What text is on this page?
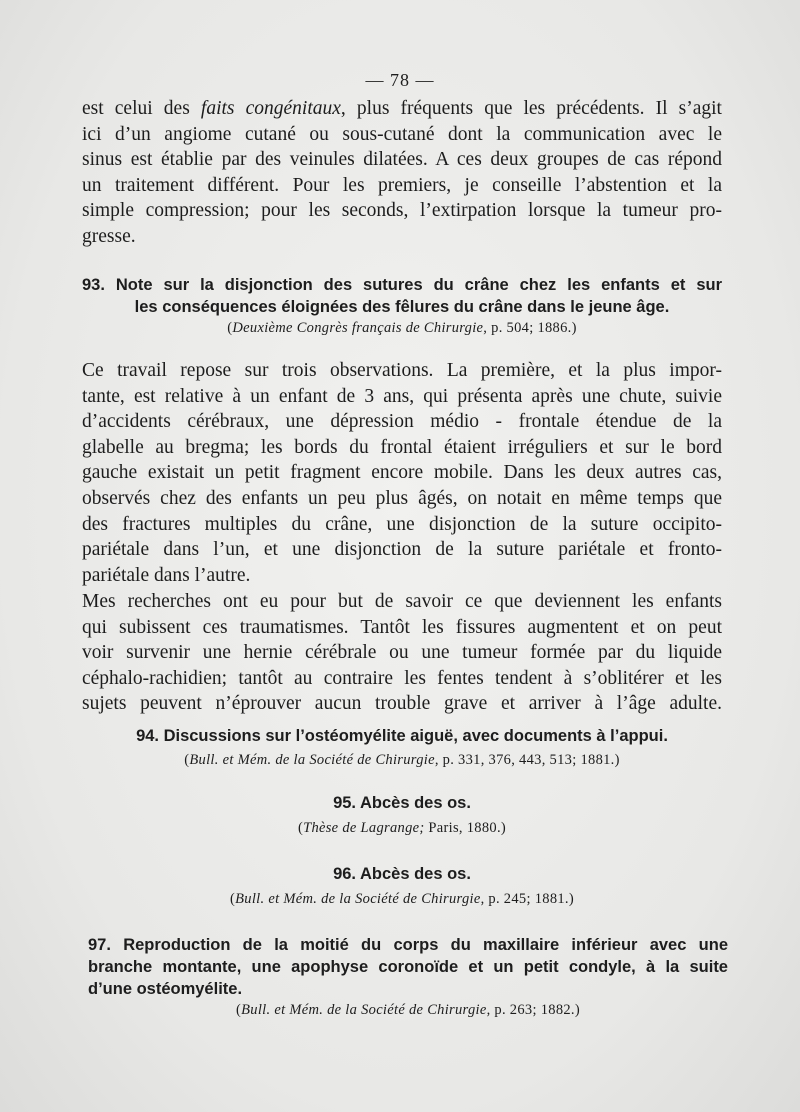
— 78 —
est celui des faits congénitaux, plus fréquents que les précédents. Il s’agit
ici d’un angiome cutané ou sous-cutané dont la communication avec le
sinus est établie par des veinules dilatées. A ces deux groupes de cas répond
un traitement différent. Pour les premiers, je conseille l’abstention et la
simple compression; pour les seconds, l’extirpation lorsque la tumeur pro-
gresse.
93. Note sur la disjonction des sutures du crâne chez les enfants et sur
les conséquences éloignées des fêlures du crâne dans le jeune âge.
(Deuxième Congrès français de Chirurgie, p. 504; 1886.)
Ce travail repose sur trois observations. La première, et la plus impor-
tante, est relative à un enfant de 3 ans, qui présenta après une chute, suivie
d’accidents cérébraux, une dépression médio - frontale étendue de la
glabelle au bregma; les bords du frontal étaient irréguliers et sur le bord
gauche existait un petit fragment encore mobile. Dans les deux autres cas,
observés chez des enfants un peu plus âgés, on notait en même temps que
des fractures multiples du crâne, une disjonction de la suture occipito-
pariétale dans l’un, et une disjonction de la suture pariétale et fronto-
pariétale dans l’autre.
Mes recherches ont eu pour but de savoir ce que deviennent les enfants
qui subissent ces traumatismes. Tantôt les fissures augmentent et on peut
voir survenir une hernie cérébrale ou une tumeur formée par du liquide
céphalo-rachidien; tantôt au contraire les fentes tendent à s’oblitérer et les
sujets peuvent n’éprouver aucun trouble grave et arriver à l’âge adulte.
94. Discussions sur l’ostéomyélite aiguë, avec documents à l’appui.
(Bull. et Mém. de la Société de Chirurgie, p. 331, 376, 443, 513; 1881.)
95. Abcès des os.
(Thèse de Lagrange; Paris, 1880.)
96. Abcès des os.
(Bull. et Mém. de la Société de Chirurgie, p. 245; 1881.)
97. Reproduction de la moitié du corps du maxillaire inférieur avec une
branche montante, une apophyse coronoïde et un petit condyle, à la suite
d’une ostéomyélite.
(Bull. et Mém. de la Société de Chirurgie, p. 263; 1882.)
